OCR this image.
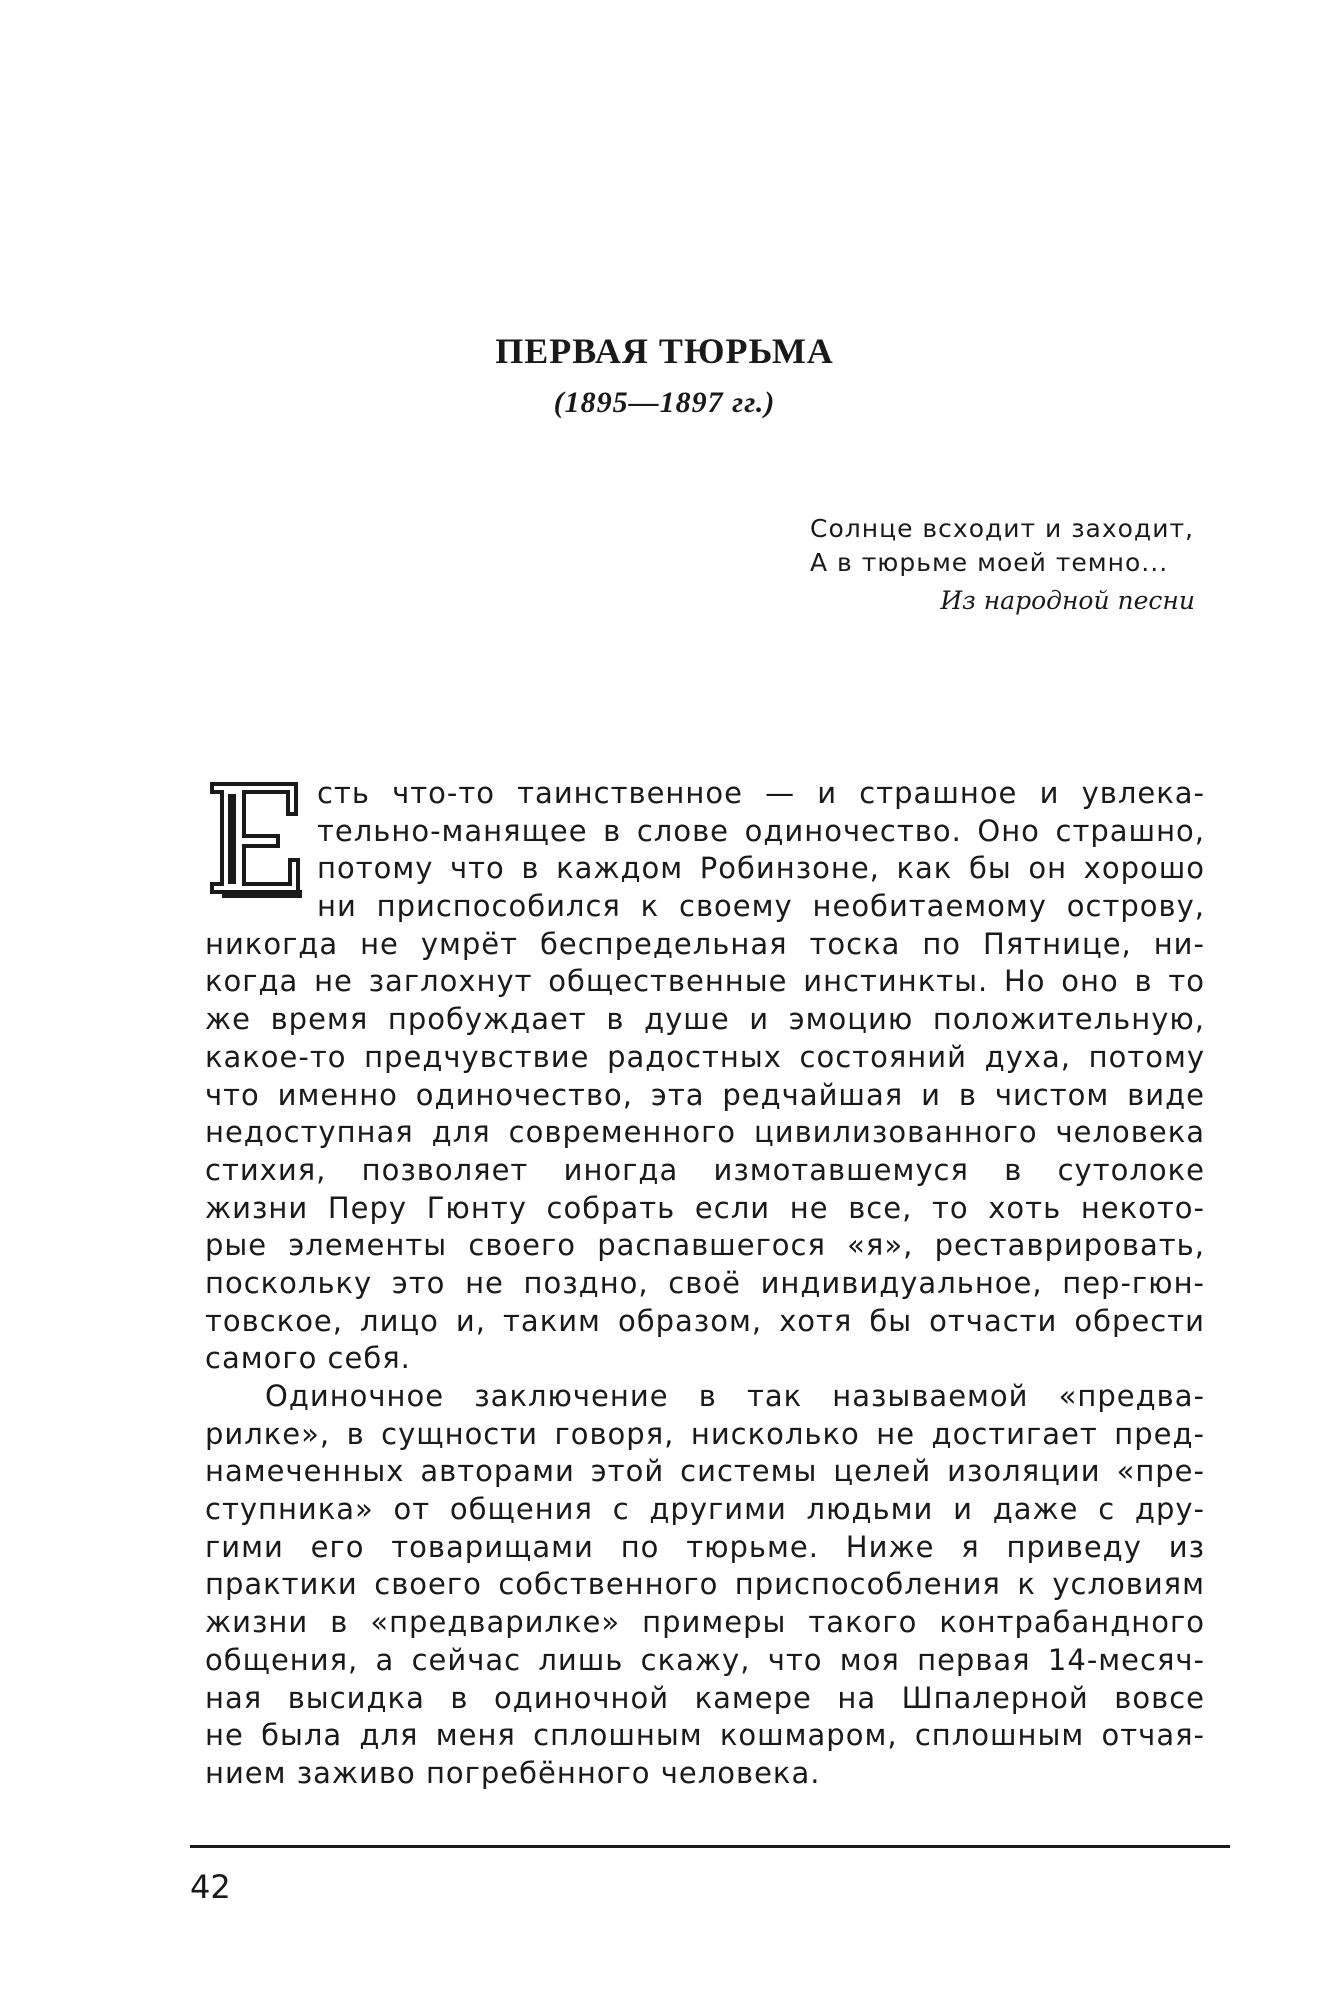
ПЕРВАЯ ТЮРЬМА
(1895—1897 гг.)
Солнце всходит и заходит,
А в тюрьме моей темно...
Из народной песни
Е
сть что-то таинственное — и страшное и увлека-
тельно-манящее в слове одиночество. Оно страшно,
потому что в каждом Робинзоне, как бы он хорошо
ни приспособился к своему необитаемому острову,
никогда не умрёт беспредельная тоска по Пятнице, ни-
когда не заглохнут общественные инстинкты. Но оно в то
же время пробуждает в душе и эмоцию положительную,
какое-то предчувствие радостных состояний духа, потому
что именно одиночество, эта редчайшая и в чистом виде
недоступная для современного цивилизованного человека
стихия, позволяет иногда измотавшемуся в сутолоке
жизни Перу Гюнту собрать если не все, то хоть некото-
рые элементы своего распавшегося «я», реставрировать,
поскольку это не поздно, своё индивидуальное, пер-гюн-
товское, лицо и, таким образом, хотя бы отчасти обрести
самого себя.
Одиночное заключение в так называемой «предва-
рилке», в сущности говоря, нисколько не достигает пред-
намеченных авторами этой системы целей изоляции «пре-
ступника» от общения с другими людьми и даже с дру-
гими его товарищами по тюрьме. Ниже я приведу из
практики своего собственного приспособления к условиям
жизни в «предварилке» примеры такого контрабандного
общения, а сейчас лишь скажу, что моя первая 14-месяч-
ная высидка в одиночной камере на Шпалерной вовсе
не была для меня сплошным кошмаром, сплошным отчая-
нием заживо погребённого человека.
42
